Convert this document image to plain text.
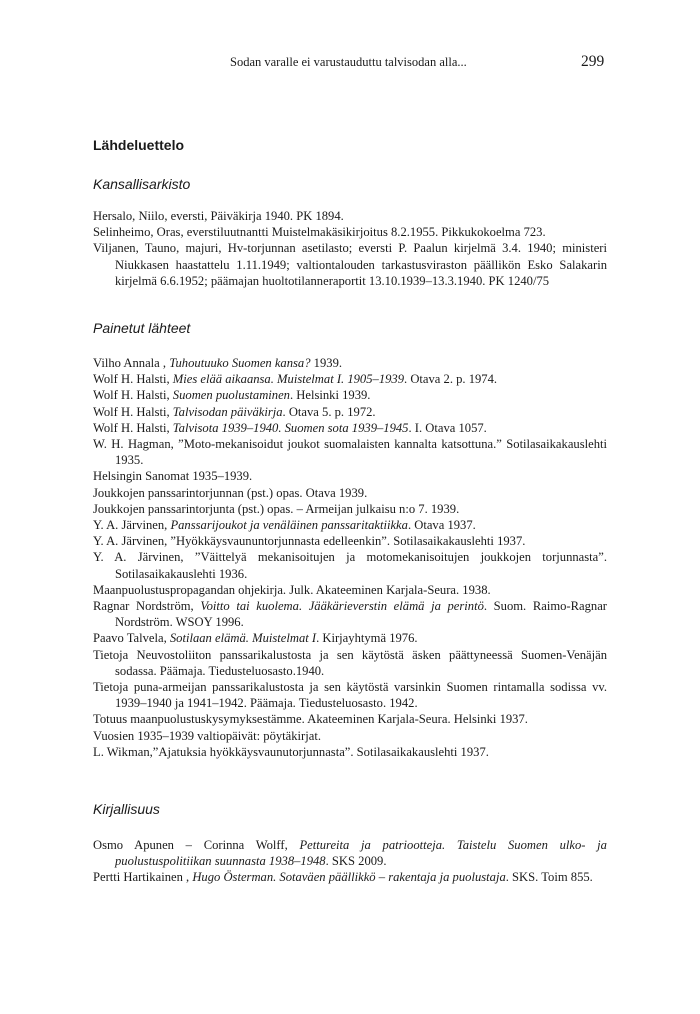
Sodan varalle ei varustauduttu talvisodan alla...	299
Lähdeluettelo
Kansallisarkisto
Hersalo, Niilo, eversti, Päiväkirja 1940. PK 1894.
Selinheimo, Oras, everstiluutnantti Muistelmakäsikirjoitus 8.2.1955. Pikkukokoelma 723.
Viljanen, Tauno, majuri, Hv-torjunnan asetilasto; eversti P. Paalun kirjelmä 3.4. 1940; ministeri Niukkasen haastattelu 1.11.1949; valtiontalouden tarkastusviraston päällikön Esko Salakarin kirjelmä 6.6.1952; päämajan huoltotilanneraportit 13.10.1939–13.3.1940. PK 1240/75
Painetut lähteet
Vilho Annala , Tuhoutuuko Suomen kansa? 1939.
Wolf H. Halsti, Mies elää aikaansa. Muistelmat I. 1905–1939. Otava 2. p. 1974.
Wolf H. Halsti, Suomen puolustaminen. Helsinki 1939.
Wolf H. Halsti, Talvisodan päiväkirja. Otava 5. p. 1972.
Wolf H. Halsti, Talvisota 1939–1940. Suomen sota 1939–1945. I. Otava 1057.
W. H. Hagman, ”Moto-mekanisoidut joukot suomalaisten kannalta katsottuna.” Sotilasaikakauslehti 1935.
Helsingin Sanomat 1935–1939.
Joukkojen panssarintorjunnan (pst.) opas. Otava 1939.
Joukkojen panssarintorjunta (pst.) opas. – Armeijan julkaisu n:o 7. 1939.
Y. A. Järvinen, Panssarijoukot ja venäläinen panssaritaktiikka. Otava 1937.
Y. A. Järvinen, ”Hyökkäysvaununtorjunnasta edelleenkin”. Sotilasaikakauslehti 1937.
Y. A. Järvinen, ”Väittelyä mekanisoitujen ja motomekanisoitujen joukkojen torjunnasta”. Sotilasaikakauslehti 1936.
Maanpuolustuspropagandan ohjekirja. Julk. Akateeminen Karjala-Seura. 1938.
Ragnar Nordström, Voitto tai kuolema. Jääkärieverstin elämä ja perintö. Suom. Raimo-Ragnar Nordström. WSOY 1996.
Paavo Talvela, Sotilaan elämä. Muistelmat I. Kirjayhtymä 1976.
Tietoja Neuvostoliiton panssarikalustosta ja sen käytöstä äsken päättyneessä Suomen-Venäjän sodassa. Päämaja. Tiedusteluosasto.1940.
Tietoja puna-armeijan panssarikalustosta ja sen käytöstä varsinkin Suomen rintamalla sodissa vv. 1939–1940 ja 1941–1942. Päämaja. Tiedusteluosasto. 1942.
Totuus maanpuolustuskysymyksestämme. Akateeminen Karjala-Seura. Helsinki 1937.
Vuosien 1935–1939 valtiopäivät: pöytäkirjat.
L. Wikman,”Ajatuksia hyökkäysvaunutorjunnasta”. Sotilasaikakauslehti 1937.
Kirjallisuus
Osmo Apunen – Corinna Wolff, Pettureita ja patriootteja. Taistelu Suomen ulko- ja puolustuspolitiikan suunnasta 1938–1948. SKS 2009.
Pertti Hartikainen , Hugo Österman. Sotaväen päällikkö – rakentaja ja puolustaja. SKS. Toim 855.
